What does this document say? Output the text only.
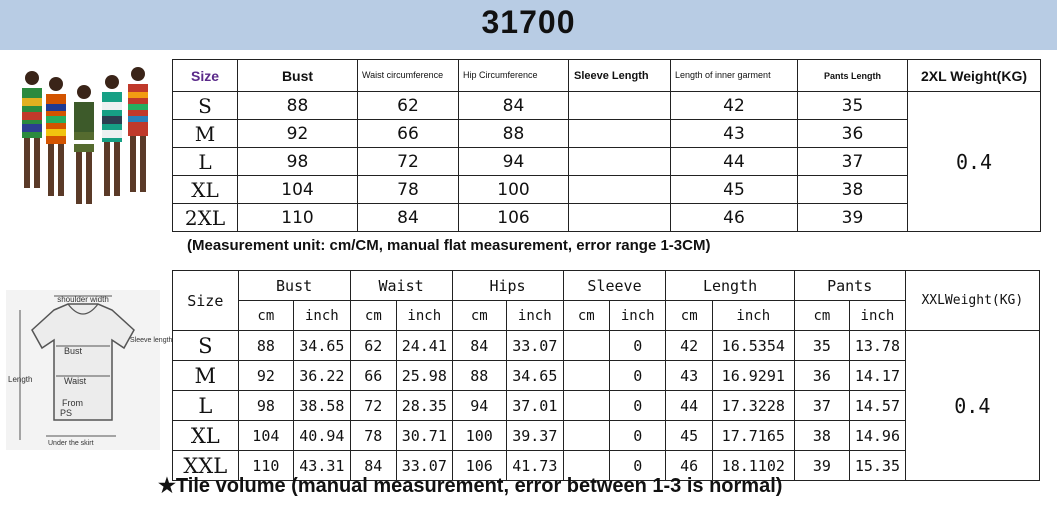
31700
shoulder width
Sleeve length
Bust
Length	Waist
From
PS
Under the skirt
Size	Bust	Waist circumference	Hip Circumference	Sleeve Length	Length of inner garment	Pants Length	2XL Weight(KG)
S	88	62	84		42	35	0.4
M	92	66	88		43	36	
L	98	72	94		44	37	
XL	104	78	100		45	38	
2XL	110	84	106		46	39	
(Measurement unit: cm/CM, manual flat measurement, error range 1-3CM)
Size	Bust		Waist		Hips		Sleeve		Length		Pants		XXLWeight(KG)
	cm	inch	cm	inch	cm	inch	cm	inch	cm	inch	cm	inch	
S	88	34.65	62	24.41	84	33.07		0	42	16.5354	35	13.78	0.4
M	92	36.22	66	25.98	88	34.65		0	43	16.9291	36	14.17	
L	98	38.58	72	28.35	94	37.01		0	44	17.3228	37	14.57	
XL	104	40.94	78	30.71	100	39.37		0	45	17.7165	38	14.96	
XXL	110	43.31	84	33.07	106	41.73		0	46	18.1102	39	15.35	
★Tile volume (manual measurement, error between 1-3 is normal)
